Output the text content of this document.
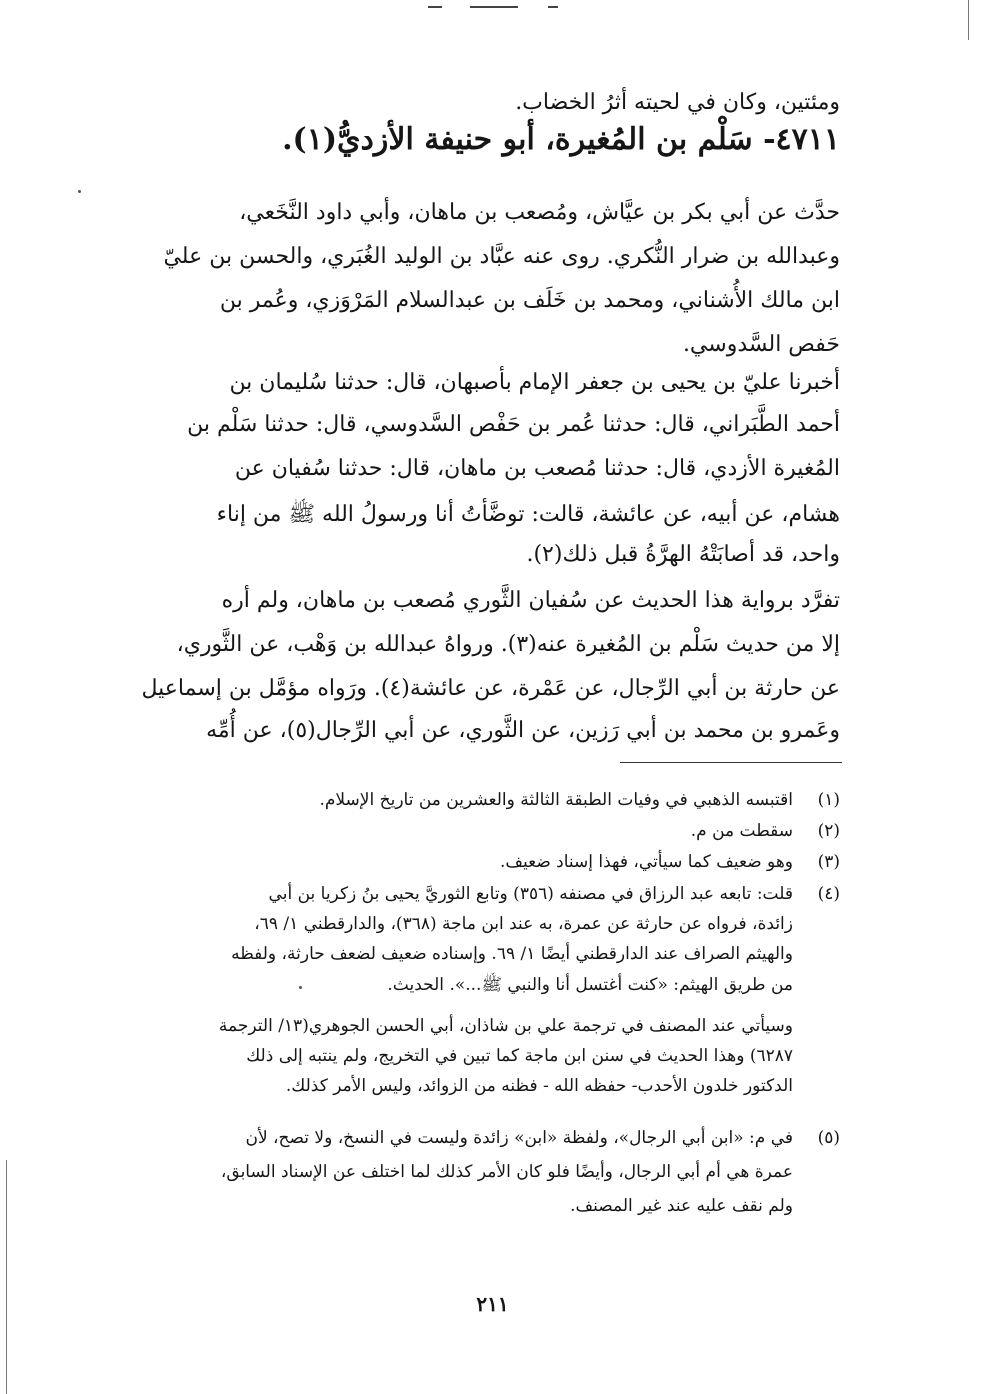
ومئتين، وكان في لحيته أثرُ الخضاب.
٤٧١١- سَلْم بن المُغيرة، أبو حنيفة الأزديُّ(١).
حدَّث عن أبي بكر بن عيَّاش، ومُصعب بن ماهان، وأبي داود النَّخَعي،
وعبدالله بن ضرار النُّكري. روى عنه عبَّاد بن الوليد الغُبَري، والحسن بن عليّ
ابن مالك الأُشناني، ومحمد بن خَلَف بن عبدالسلام المَرْوَزي، وعُمر بن
حَفص السَّدوسي.
أخبرنا عليّ بن يحيى بن جعفر الإمام بأصبهان، قال: حدثنا سُليمان بن
أحمد الطَّبَراني، قال: حدثنا عُمر بن حَفْص السَّدوسي، قال: حدثنا سَلْم بن
المُغيرة الأزدي، قال: حدثنا مُصعب بن ماهان، قال: حدثنا سُفيان عن
هشام، عن أبيه، عن عائشة، قالت: توضَّأتُ أنا ورسولُ الله ﷺ من إناء
واحد، قد أصابَتْهُ الهرَّةُ قبل ذلك(٢).
تفرَّد برواية هذا الحديث عن سُفيان الثَّوري مُصعب بن ماهان، ولم أره
إلا من حديث سَلْم بن المُغيرة عنه(٣). ورواهُ عبدالله بن وَهْب، عن الثَّوري،
عن حارثة بن أبي الرِّجال، عن عَمْرة، عن عائشة(٤). ورَواه مؤمَّل بن إسماعيل
وعَمرو بن محمد بن أبي رَزين، عن الثَّوري، عن أبي الرِّجال(٥)، عن أُمِّه
(١)
اقتبسه الذهبي في وفيات الطبقة الثالثة والعشرين من تاريخ الإسلام.
(٢)
سقطت من م.
(٣)
وهو ضعيف كما سيأتي، فهذا إسناد ضعيف.
(٤)
قلت: تابعه عبد الرزاق في مصنفه (٣٥٦) وتابع الثوريَّ يحيى بنُ زكريا بن أبي
زائدة، فرواه عن حارثة عن عمرة، به عند ابن ماجة (٣٦٨)، والدارقطني ١/ ٦٩،
والهيثم الصراف عند الدارقطني أيضًا ١/ ٦٩. وإسناده ضعيف لضعف حارثة، ولفظه
من طريق الهيثم: «كنت أغتسل أنا والنبي ﷺ...». الحديث.
وسيأتي عند المصنف في ترجمة علي بن شاذان، أبي الحسن الجوهري(١٣/ الترجمة
٦٢٨٧) وهذا الحديث في سنن ابن ماجة كما تبين في التخريج، ولم ينتبه إلى ذلك
الدكتور خلدون الأحدب- حفظه الله - فظنه من الزوائد، وليس الأمر كذلك.
(٥)
في م: «ابن أبي الرجال»، ولفظة «ابن» زائدة وليست في النسخ، ولا تصح، لأن
عمرة هي أم أبي الرجال، وأيضًا فلو كان الأمر كذلك لما اختلف عن الإسناد السابق،
ولم نقف عليه عند غير المصنف.
٢١١
